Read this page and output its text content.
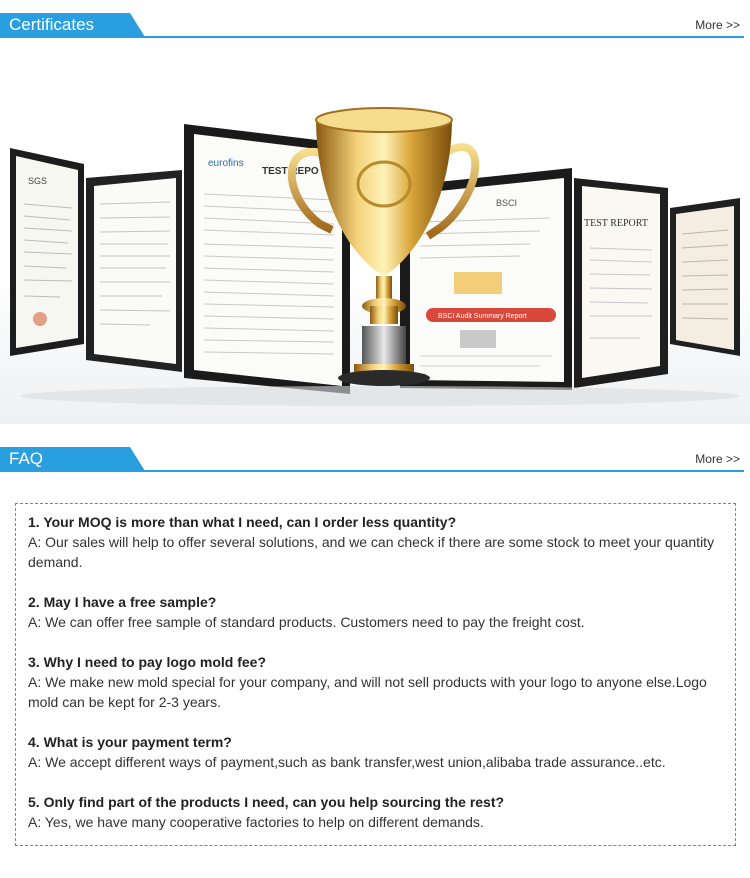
Certificates	More >>
SGS
eurofins
TEST REPO
BSCI
BSCI Audit Summary Report
TEST REPORT
FAQ	More >>
1. Your MOQ is more than what I need, can I order less quantity?
A: Our sales will help to offer several solutions, and we can check if there are some stock to meet your quantity demand.
2. May I have a free sample?
A: We can offer free sample of standard products. Customers need to pay the freight cost.
3. Why I need to pay logo mold fee?
A: We make new mold special for your company, and will not sell products with your logo to anyone else.Logo mold can be kept for 2-3 years.
4. What is your payment term?
A: We accept different ways of payment,such as bank transfer,west union,alibaba trade assurance..etc.
5. Only find part of the products I need, can you help sourcing the rest?
A: Yes, we have many cooperative factories to help on different demands.
